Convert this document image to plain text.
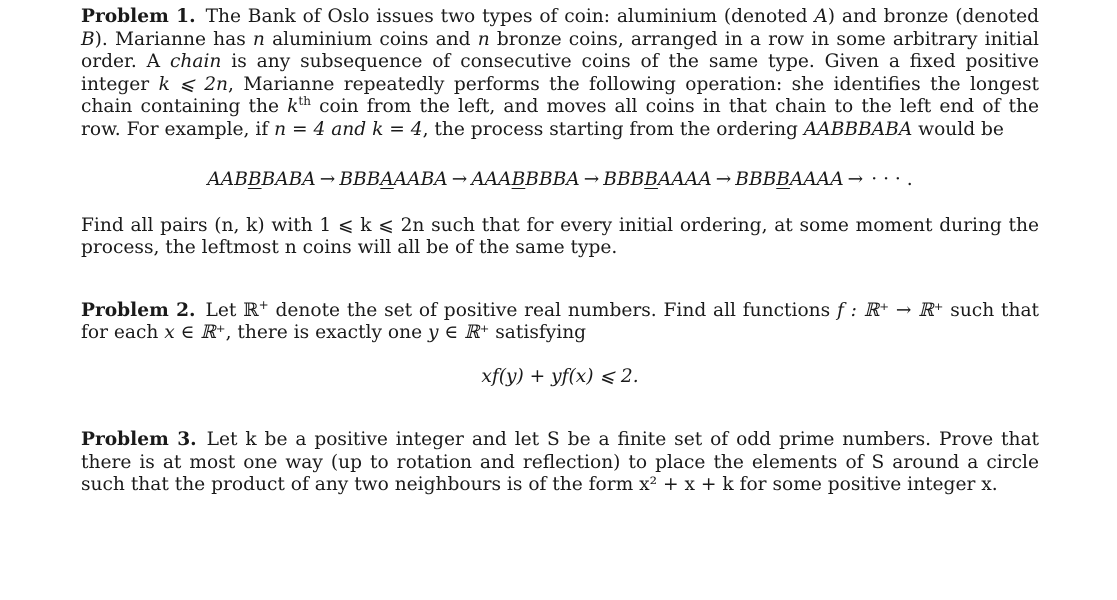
Problem 1. The Bank of Oslo issues two types of coin: aluminium (denoted A) and bronze (denoted B). Marianne has n aluminium coins and n bronze coins, arranged in a row in some arbitrary initial order. A chain is any subsequence of consecutive coins of the same type. Given a fixed positive integer k ⩽ 2n, Marianne repeatedly performs the following operation: she identifies the longest chain containing the $k^{th}$ coin from the left, and moves all coins in that chain to the left end of the row. For example, if n = 4 and k = 4, the process starting from the ordering AABBBABA would be
AABBBABA → BBBAAABA → AAABBBBA → BBBBAAAA → BBBBAAAA → · · · .

Find all pairs (n, k) with 1 ⩽ k ⩽ 2n such that for every initial ordering, at some moment during the process, the leftmost n coins will all be of the same type.

Problem 2. Let ℝ+ denote the set of positive real numbers. Find all functions f : ℝ⁺ → ℝ⁺ such that for each x ∈ ℝ⁺, there is exactly one y ∈ ℝ⁺ satisfying
xf(y) + yf(x) ⩽ 2.
Problem 3. Let k be a positive integer and let S be a finite set of odd prime numbers. Prove that there is at most one way (up to rotation and reflection) to place the elements of S around a circle such that the product of any two neighbours is of the form x² + x + k for some positive integer x.
